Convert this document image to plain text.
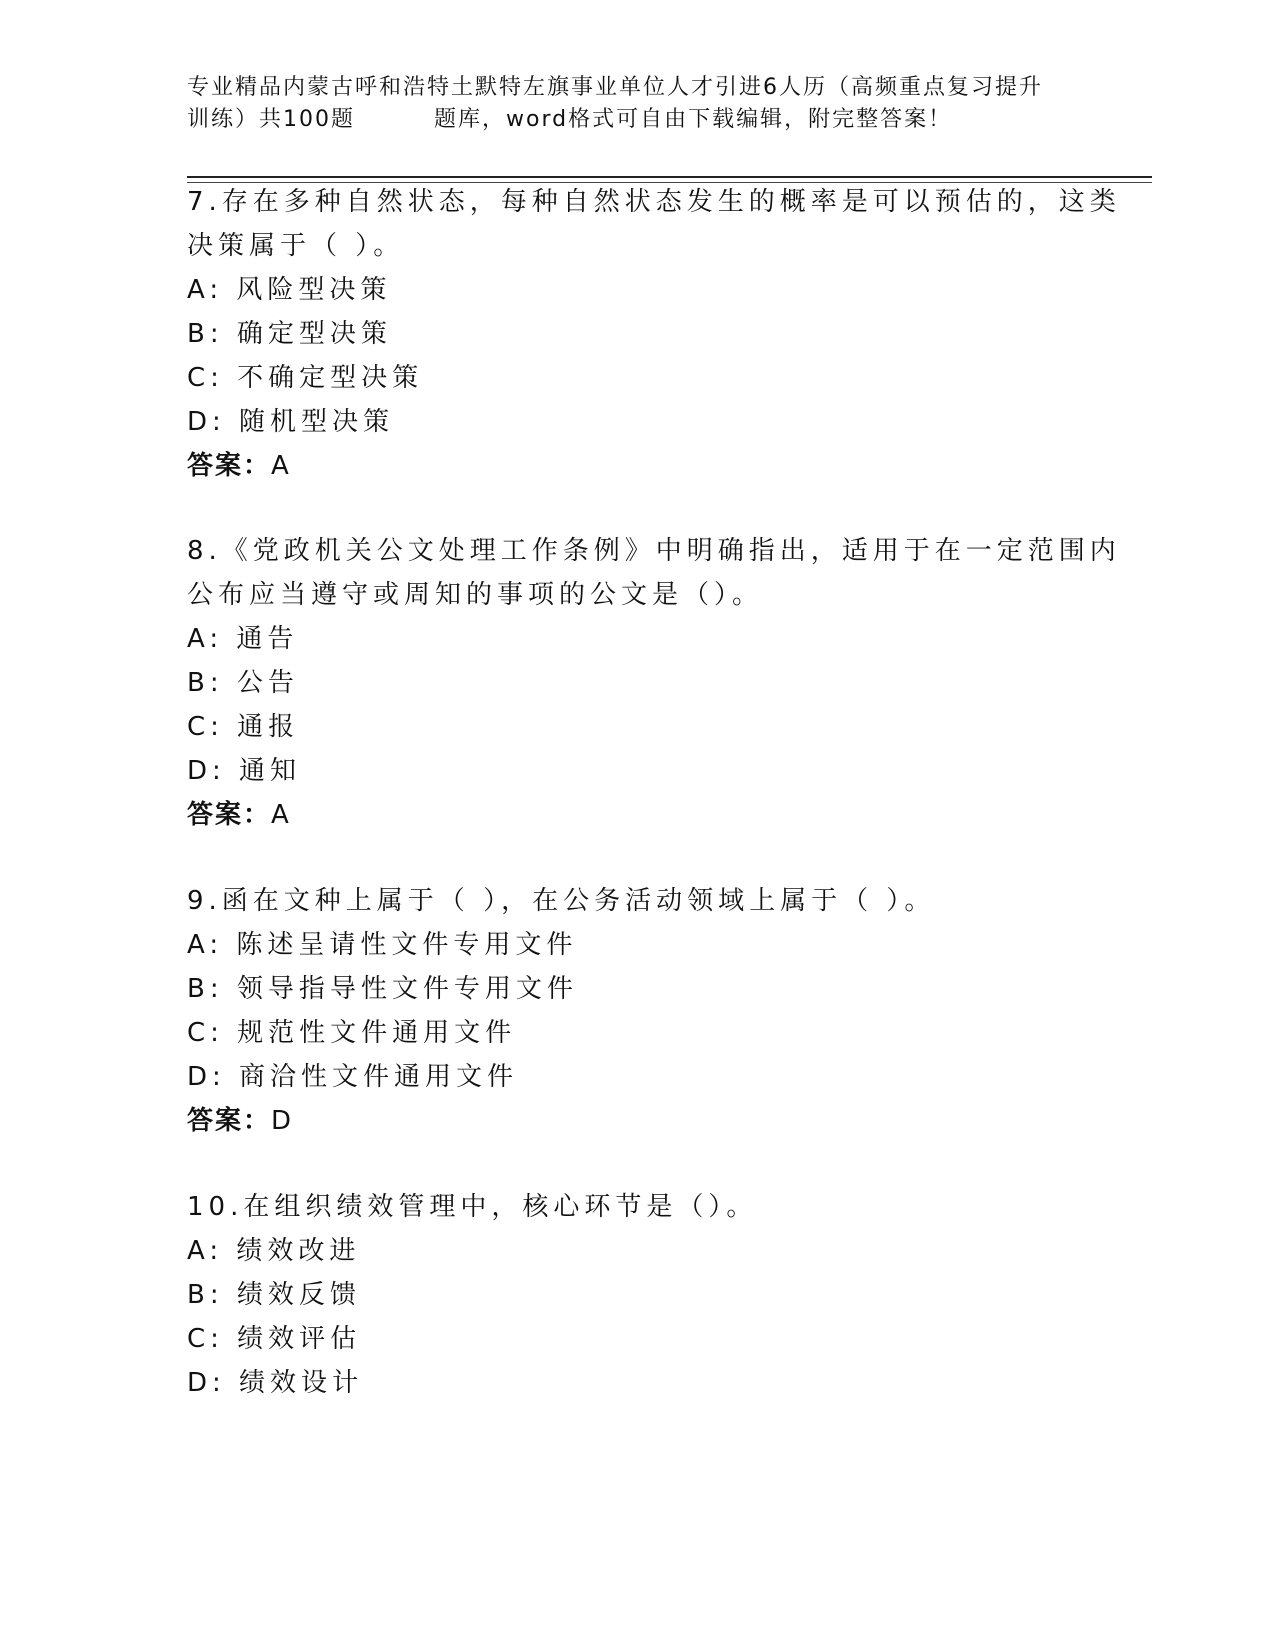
专业精品内蒙古呼和浩特土默特左旗事业单位人才引进6人历（高频重点复习提升
训练）共100题	题库，word格式可自由下载编辑，附完整答案！
7.存在多种自然状态，每种自然状态发生的概率是可以预估的，这类
决策属于（ ）。
A: 风险型决策
B: 确定型决策
C: 不确定型决策
D: 随机型决策
答案：A
8.《党政机关公文处理工作条例》中明确指出，适用于在一定范围内
公布应当遵守或周知的事项的公文是（）。
A: 通告
B: 公告
C: 通报
D: 通知
答案：A
9.函在文种上属于（ ），在公务活动领域上属于（ ）。
A: 陈述呈请性文件专用文件
B: 领导指导性文件专用文件
C: 规范性文件通用文件
D: 商洽性文件通用文件
答案：D
10.在组织绩效管理中，核心环节是（）。
A: 绩效改进
B: 绩效反馈
C: 绩效评估
D: 绩效设计
